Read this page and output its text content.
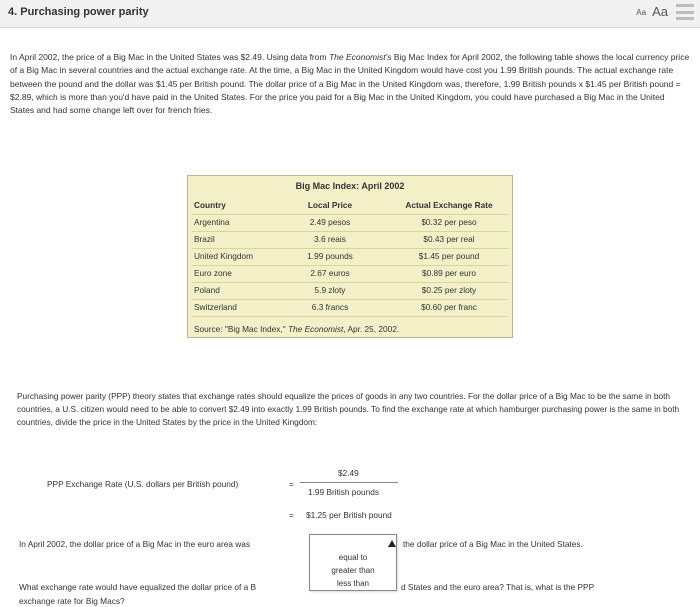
4. Purchasing power parity	Aa Aa
In April 2002, the price of a Big Mac in the United States was $2.49. Using data from The Economist's Big Mac Index for April 2002, the following table shows the local currency price of a Big Mac in several countries and the actual exchange rate. At the time, a Big Mac in the United Kingdom would have cost you 1.99 British pounds. The actual exchange rate between the pound and the dollar was $1.45 per British pound. The dollar price of a Big Mac in the United Kingdom was, therefore, 1.99 British pounds x $1.45 per British pound = $2.89, which is more than you'd have paid in the United States. For the price you paid for a Big Mac in the United Kingdom, you could have purchased a Big Mac in the United States and had some change left over for french fries.
Big Mac Index: April 2002
Country	Local Price	Actual Exchange Rate
Argentina	2.49 pesos	$0.32 per peso
Brazil	3.6 reais	$0.43 per real
United Kingdom	1.99 pounds	$1.45 per pound
Euro zone	2.67 euros	$0.89 per euro
Poland	5.9 zloty	$0.25 per zloty
Switzerland	6.3 francs	$0.60 per franc
Source: "Big Mac Index," The Economist, Apr. 25, 2002.
Purchasing power parity (PPP) theory states that exchange rates should equalize the prices of goods in any two countries. For the dollar price of a Big Mac to be the same in both countries, a U.S. citizen would need to be able to convert $2.49 into exactly 1.99 British pounds. To find the exchange rate at which hamburger purchasing power is the same in both countries, divide the price in the United States by the price in the United Kingdom:
PPP Exchange Rate (U.S. dollars per British pound)	=
$2.49
1.99 British pounds
= $1.25 per British pound
In April 2002, the dollar price of a Big Mac in the euro area was
equal to
greater than
less than
the dollar price of a Big Mac in the United States.
What exchange rate would have equalized the dollar price of a B	d States and the euro area? That is, what is the PPP
exchange rate for Big Macs?
